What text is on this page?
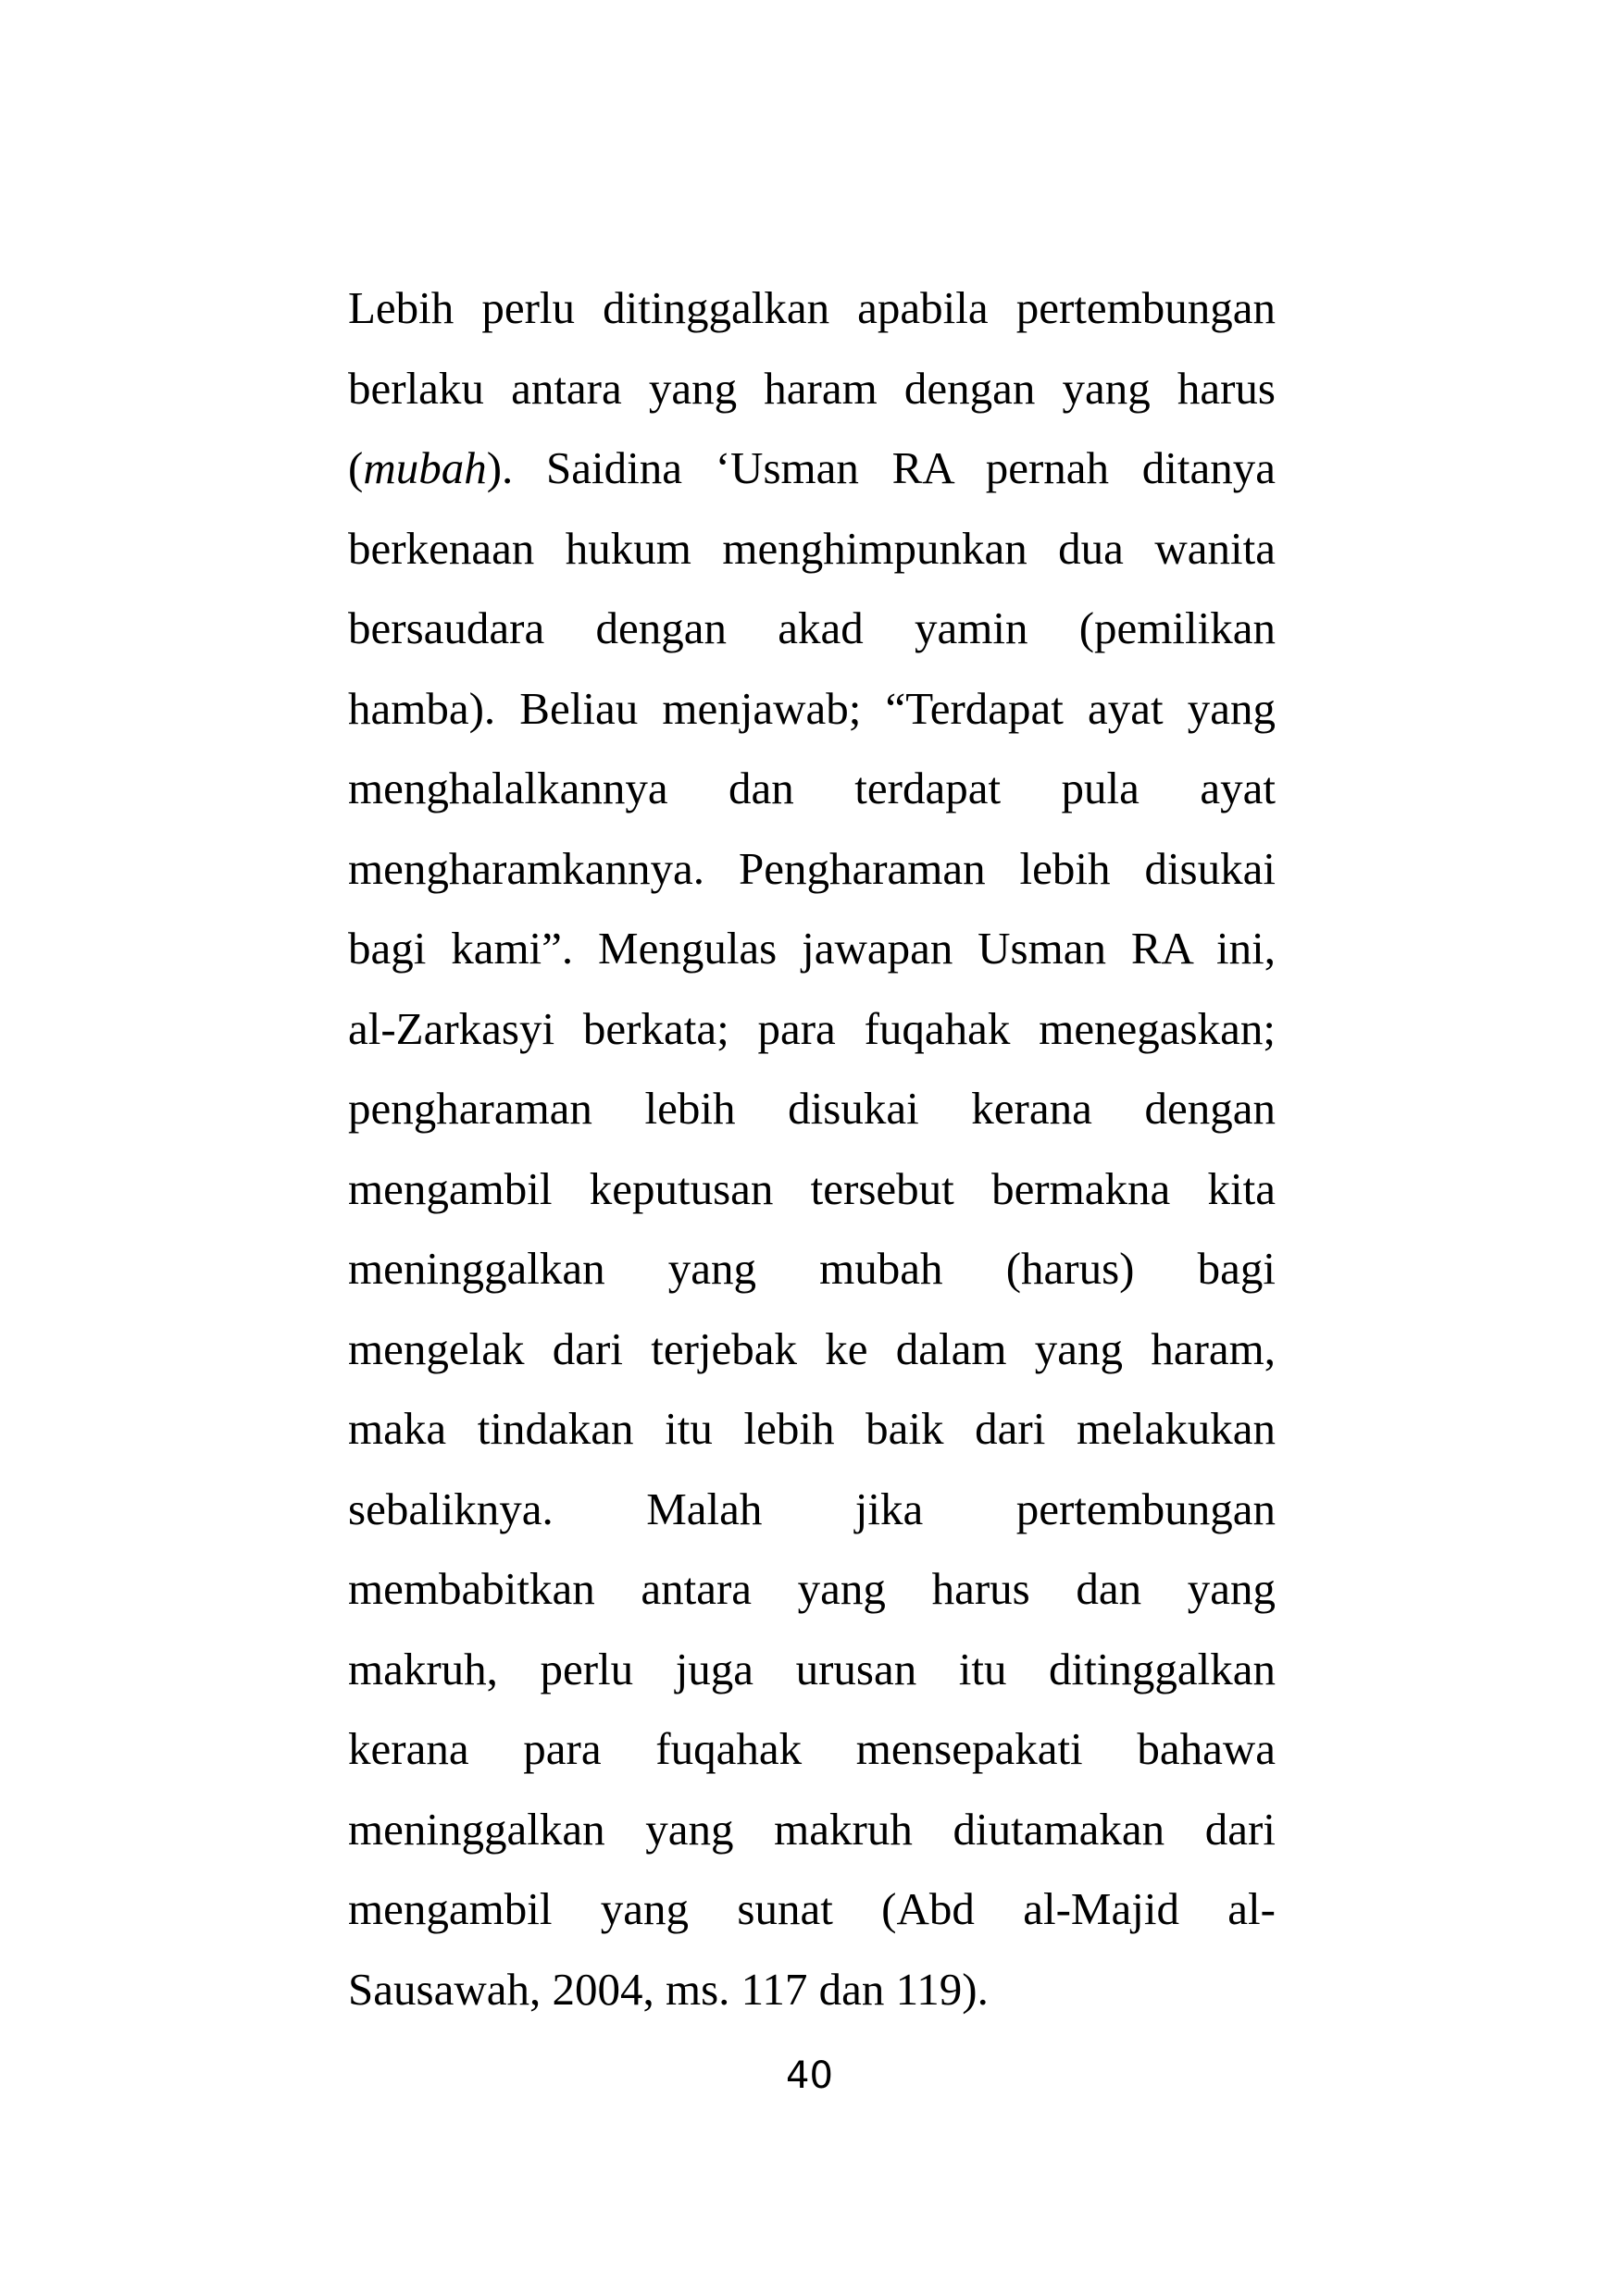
Lebih perlu ditinggalkan apabila pertembungan
berlaku antara yang haram dengan yang harus
(mubah). Saidina ‘Usman RA pernah ditanya
berkenaan hukum menghimpunkan dua wanita
bersaudara dengan akad yamin (pemilikan
hamba). Beliau menjawab; “Terdapat ayat yang
menghalalkannya dan terdapat pula ayat
mengharamkannya. Pengharaman lebih disukai
bagi kami”. Mengulas jawapan Usman RA ini,
al-Zarkasyi berkata; para fuqahak menegaskan;
pengharaman lebih disukai kerana dengan
mengambil keputusan tersebut bermakna kita
meninggalkan yang mubah (harus) bagi
mengelak dari terjebak ke dalam yang haram,
maka tindakan itu lebih baik dari melakukan
sebaliknya. Malah jika pertembungan
membabitkan antara yang harus dan yang
makruh, perlu juga urusan itu ditinggalkan
kerana para fuqahak mensepakati bahawa
meninggalkan yang makruh diutamakan dari
mengambil yang sunat (Abd al-Majid al-
Sausawah, 2004, ms. 117 dan 119).
40
